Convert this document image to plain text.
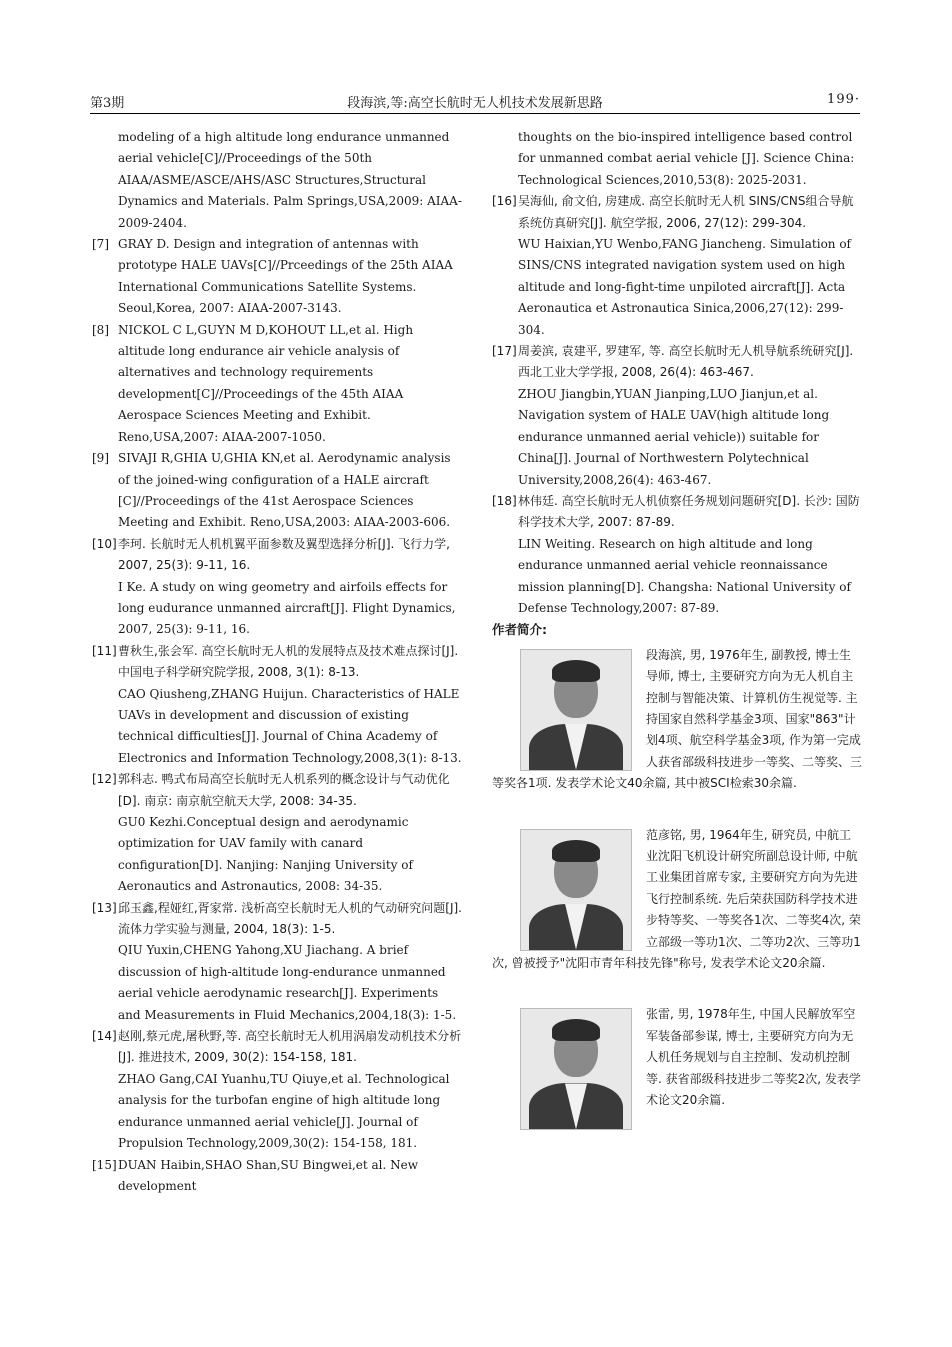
第3期	段海滨,等:高空长航时无人机技术发展新思路	199·

modeling of a high altitude long endurance unmanned aerial vehicle[C]//Proceedings of the 50th AIAA/ASME/ASCE/AHS/ASC Structures,Structural Dynamics and Materials. Palm Springs,USA,2009: AIAA-2009-2404.

[7] GRAY D. Design and integration of antennas with prototype HALE UAVs[C]//Prceedings of the 25th AIAA International Communications Satellite Systems. Seoul,Korea, 2007: AIAA-2007-3143.

[8] NICKOL C L,GUYN M D,KOHOUT LL,et al. High altitude long endurance air vehicle analysis of alternatives and technology requirements development[C]//Proceedings of the 45th AIAA Aerospace Sciences Meeting and Exhibit. Reno,USA,2007: AIAA-2007-1050.

[9] SIVAJI R,GHIA U,GHIA KN,et al. Aerodynamic analysis of the joined-wing configuration of a HALE aircraft [C]//Proceedings of the 41st Aerospace Sciences Meeting and Exhibit. Reno,USA,2003: AIAA-2003-606.

[10]李珂. 长航时无人机机翼平面参数及翼型选择分析[J]. 飞行力学, 2007, 25(3): 9-11, 16.

I Ke. A study on wing geometry and airfoils effects for long eudurance unmanned aircraft[J]. Flight Dynamics, 2007, 25(3): 9-11, 16.

[11]曹秋生,张会军. 高空长航时无人机的发展特点及技术难点探讨[J]. 中国电子科学研究院学报, 2008, 3(1): 8-13.

CAO Qiusheng,ZHANG Huijun. Characteristics of HALE UAVs in development and discussion of existing technical difficulties[J]. Journal of China Academy of Electronics and Information Technology,2008,3(1): 8-13.

[12]郭科志. 鸭式布局高空长航时无人机系列的概念设计与气动优化[D]. 南京: 南京航空航天大学, 2008: 34-35.

GU0 Kezhi.Conceptual design and aerodynamic optimization for UAV family with canard configuration[D]. Nanjing: Nanjing University of Aeronautics and Astronautics, 2008: 34-35.

[13]邱玉鑫,程娅红,胥家常. 浅析高空长航时无人机的气动研究问题[J]. 流体力学实验与测量, 2004, 18(3): 1-5.

QIU Yuxin,CHENG Yahong,XU Jiachang. A brief discussion of high-altitude long-endurance unmanned aerial vehicle aerodynamic research[J]. Experiments and Measurements in Fluid Mechanics,2004,18(3): 1-5.

[14]赵刚,蔡元虎,屠秋野,等. 高空长航时无人机用涡扇发动机技术分析[J]. 推进技术, 2009, 30(2): 154-158, 181.

ZHAO Gang,CAI Yuanhu,TU Qiuye,et al. Technological analysis for the turbofan engine of high altitude long endurance unmanned aerial vehicle[J]. Journal of Propulsion Technology,2009,30(2): 154-158, 181.

[15]DUAN Haibin,SHAO Shan,SU Bingwei,et al. New development

thoughts on the bio-inspired intelligence based control for unmanned combat aerial vehicle [J]. Science China: Technological Sciences,2010,53(8): 2025-2031.

[16]吴海仙, 俞文伯, 房建成. 高空长航时无人机 SINS/CNS组合导航系统仿真研究[J]. 航空学报, 2006, 27(12): 299-304.

WU Haixian,YU Wenbo,FANG Jiancheng. Simulation of SINS/CNS integrated navigation system used on high altitude and long-fight-time unpiloted aircraft[J]. Acta Aeronautica et Astronautica Sinica,2006,27(12): 299-304.

[17]周姜滨, 袁建平, 罗建军, 等. 高空长航时无人机导航系统研究[J]. 西北工业大学学报, 2008, 26(4): 463-467.

ZHOU Jiangbin,YUAN Jianping,LUO Jianjun,et al. Navigation system of HALE UAV(high altitude long endurance unmanned aerial vehicle)) suitable for China[J]. Journal of Northwestern Polytechnical University,2008,26(4): 463-467.

[18]林伟廷. 高空长航时无人机侦察任务规划问题研究[D]. 长沙: 国防科学技术大学, 2007: 87-89.

LIN Weiting. Research on high altitude and long endurance unmanned aerial vehicle reonnaissance mission planning[D]. Changsha: National University of Defense Technology,2007: 87-89.

作者简介:

段海滨, 男, 1976年生, 副教授, 博士生导师, 博士, 主要研究方向为无人机自主控制与智能决策、计算机仿生视觉等. 主持国家自然科学基金3项、国家"863"计划4项、航空科学基金3项, 作为第一完成人获省部级科技进步一等奖、二等奖、三等奖各1项. 发表学术论文40余篇, 其中被SCI检索30余篇.

范彦铭, 男, 1964年生, 研究员, 中航工业沈阳飞机设计研究所副总设计师, 中航工业集团首席专家, 主要研究方向为先进飞行控制系统. 先后荣获国防科学技术进步特等奖、一等奖各1次、二等奖4次, 荣立部级一等功1次、二等功2次、三等功1次, 曾被授予"沈阳市青年科技先锋"称号, 发表学术论文20余篇.

张雷, 男, 1978年生, 中国人民解放军空军装备部参谋, 博士, 主要研究方向为无人机任务规划与自主控制、发动机控制等. 获省部级科技进步二等奖2次, 发表学术论文20余篇.
